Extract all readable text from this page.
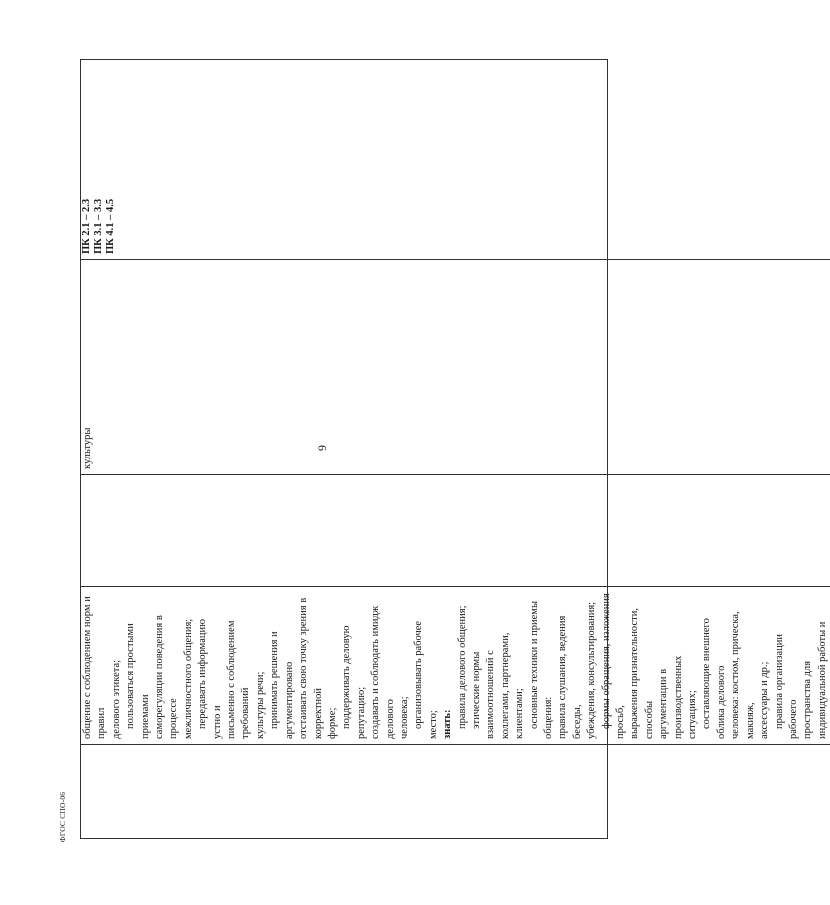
9
ФГОС СПО-06

общение с соблюдением норм и правил делового этикета; пользоваться простыми приемами саморегуляции поведения в процессе межличностного общения; передавать информацию устно и письменно с соблюдением требований культуры речи; принимать решения и аргументировано отстаивать свою точку зрения в корректной форме; поддерживать деловую репутацию; создавать и соблюдать имидж делового человека; организовывать рабочее место; знать: правила делового общения; этические нормы взаимоотношений с коллегами, партнерами, клиентами; основные техники и приемы общения: правила слушания, ведения беседы, убеждения, консультирования; формы обращения, изложения просьб, выражения признательности, способы аргументации в производственных ситуациях; составляющие внешнего облика делового человека: костюм, прическа, макияж, аксессуары и др.; правила организации рабочего пространства для индивидуальной работы и

культуры

ПК 2.1 – 2.3 ПК 3.1 – 3.3 ПК 4.1 – 4.5
